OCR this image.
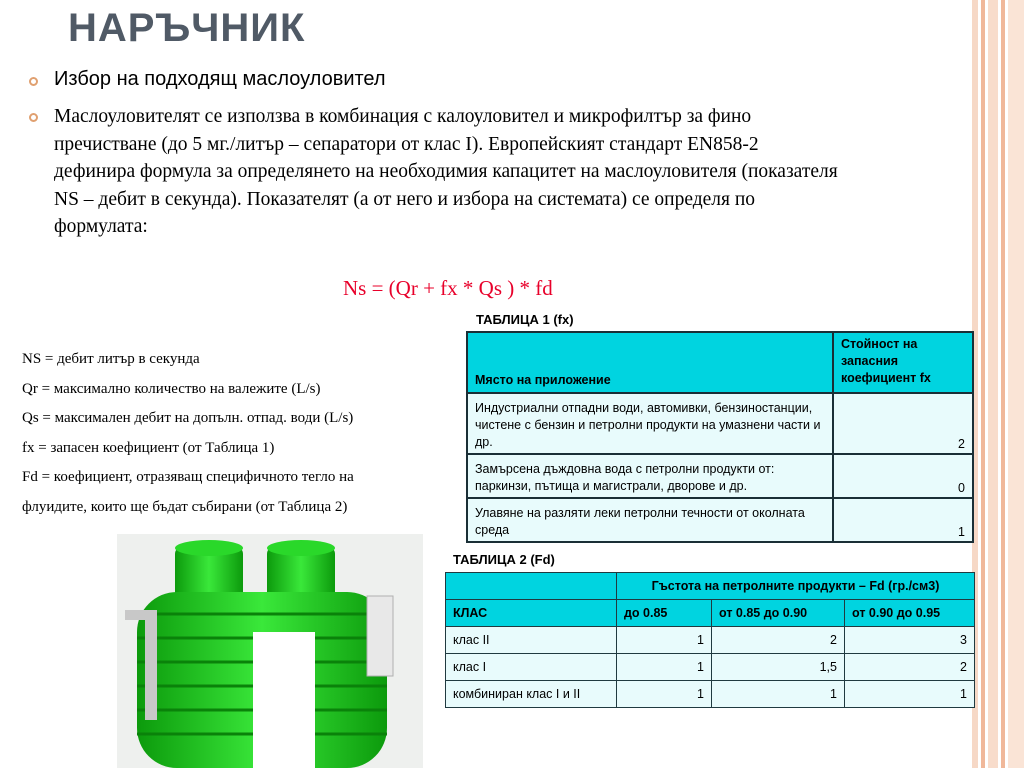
НАРЪЧНИК
Избор на подходящ маслоуловител
Маслоуловителят се използва в комбинация с калоуловител и микрофилтър за фино пречистване (до 5 мг./литър – сепаратори от клас I). Европейският стандарт EN858-2 дефинира формула за определянето на необходимия капацитет на маслоуловителя (показателя NS – дебит в секунда). Показателят (а от него и избора на системата) се определя по формулата:
Ns = (Qr + fx * Qs ) * fd
NS = дебит литър в секунда
Qr = максимално количество на валежите (L/s)
Qs = максимален дебит на допълн. отпад. води (L/s)
fx = запасен коефициент (от Таблица 1)
Fd = коефициент, отразяващ специфичното тегло на
флуидите, които ще бъдат събирани (от Таблица 2)
ТАБЛИЦА 1 (fx)
Място на приложение	Стойност на запасния коефициент fx
Индустриални отпадни води, автомивки, бензиностанции, чистене с бензин и петролни продукти на умазнени части и др.	2
Замърсена дъждовна вода с петролни продукти от: паркинзи, пътища и магистрали, дворове и др.	0
Улавяне на разляти леки петролни течности от околната среда	1
ТАБЛИЦА 2 (Fd)
	Гъстота на петролните продукти – Fd (гр./см3)		
КЛАС	до 0.85	от 0.85 до 0.90	от 0.90 до 0.95
клас II	1	2	3
клас I	1	1,5	2
комбиниран клас I и II	1	1	1
